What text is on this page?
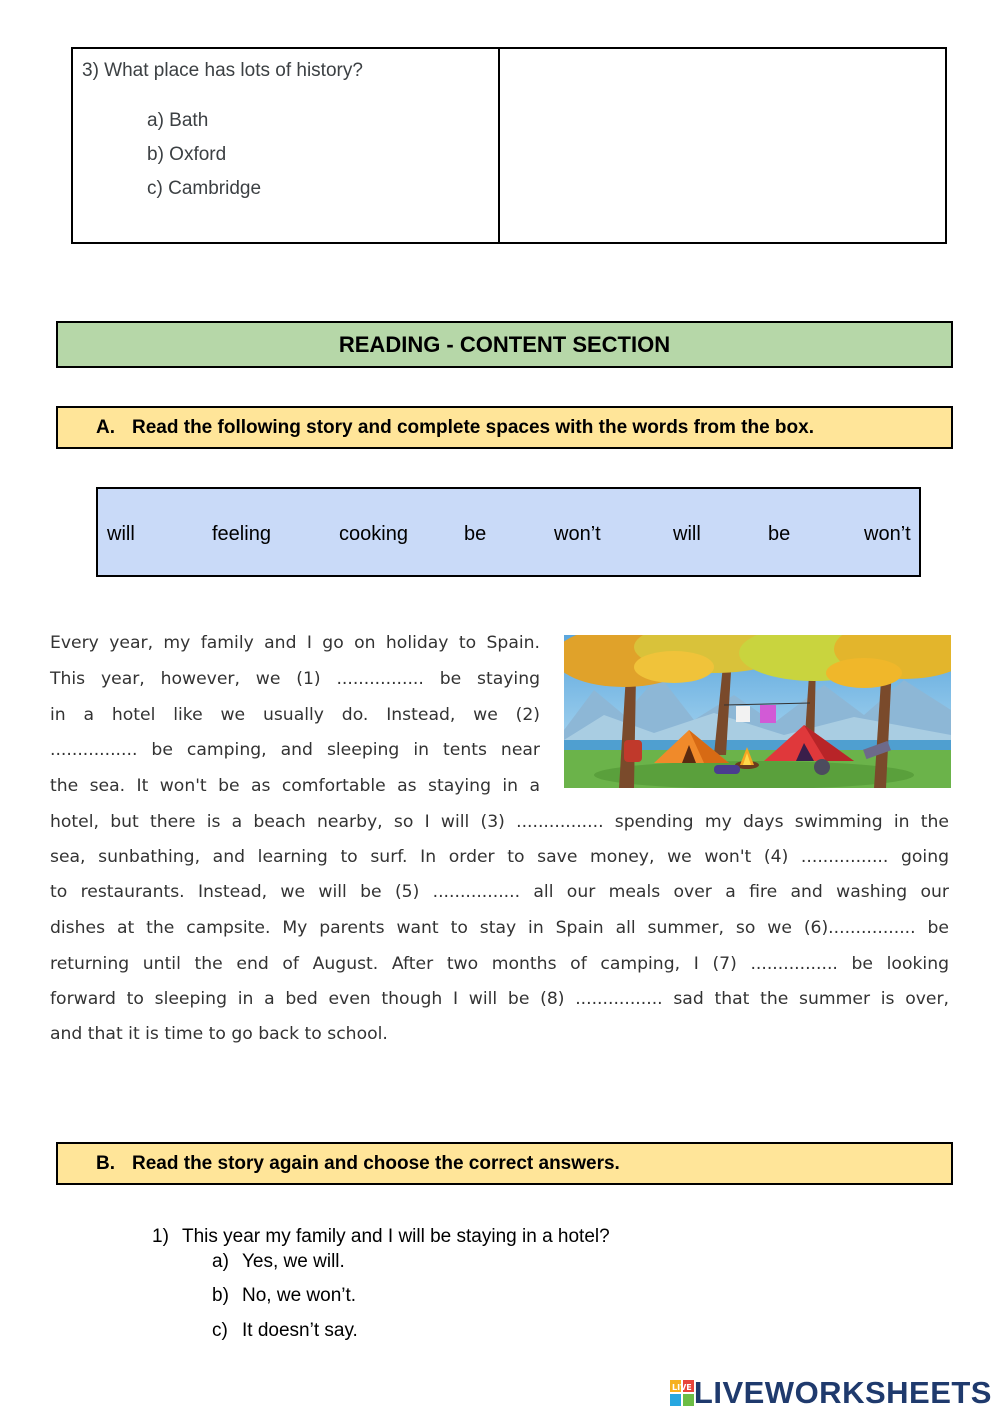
3) What place has lots of history?
a) Bath
b) Oxford
c) Cambridge
READING - CONTENT SECTION
A. Read the following story and complete spaces with the words from the box.
will	feeling	cooking	be	won’t	will	be	won’t
Every year, my family and I go on holiday to Spain.
This year, however, we (1) ................ be staying
in a hotel like we usually do. Instead, we (2)
................ be camping, and sleeping in tents near
the sea. It won't be as comfortable as staying in a
hotel, but there is a beach nearby, so I will (3) ................ spending my days swimming in the
sea, sunbathing, and learning to surf. In order to save money, we won't (4) ................ going
to restaurants. Instead, we will be (5) ................ all our meals over a fire and washing our
dishes at the campsite. My parents want to stay in Spain all summer, so we (6)................ be
returning until the end of August. After two months of camping, I (7) ................ be looking
forward to sleeping in a bed even though I will be (8) ................ sad that the summer is over,
and that it is time to go back to school.
B. Read the story again and choose the correct answers.
1) This year my family and I will be staying in a hotel?
a) Yes, we will.
b) No, we won’t.
c) It doesn’t say.
LIVE LIVEWORKSHEETS
